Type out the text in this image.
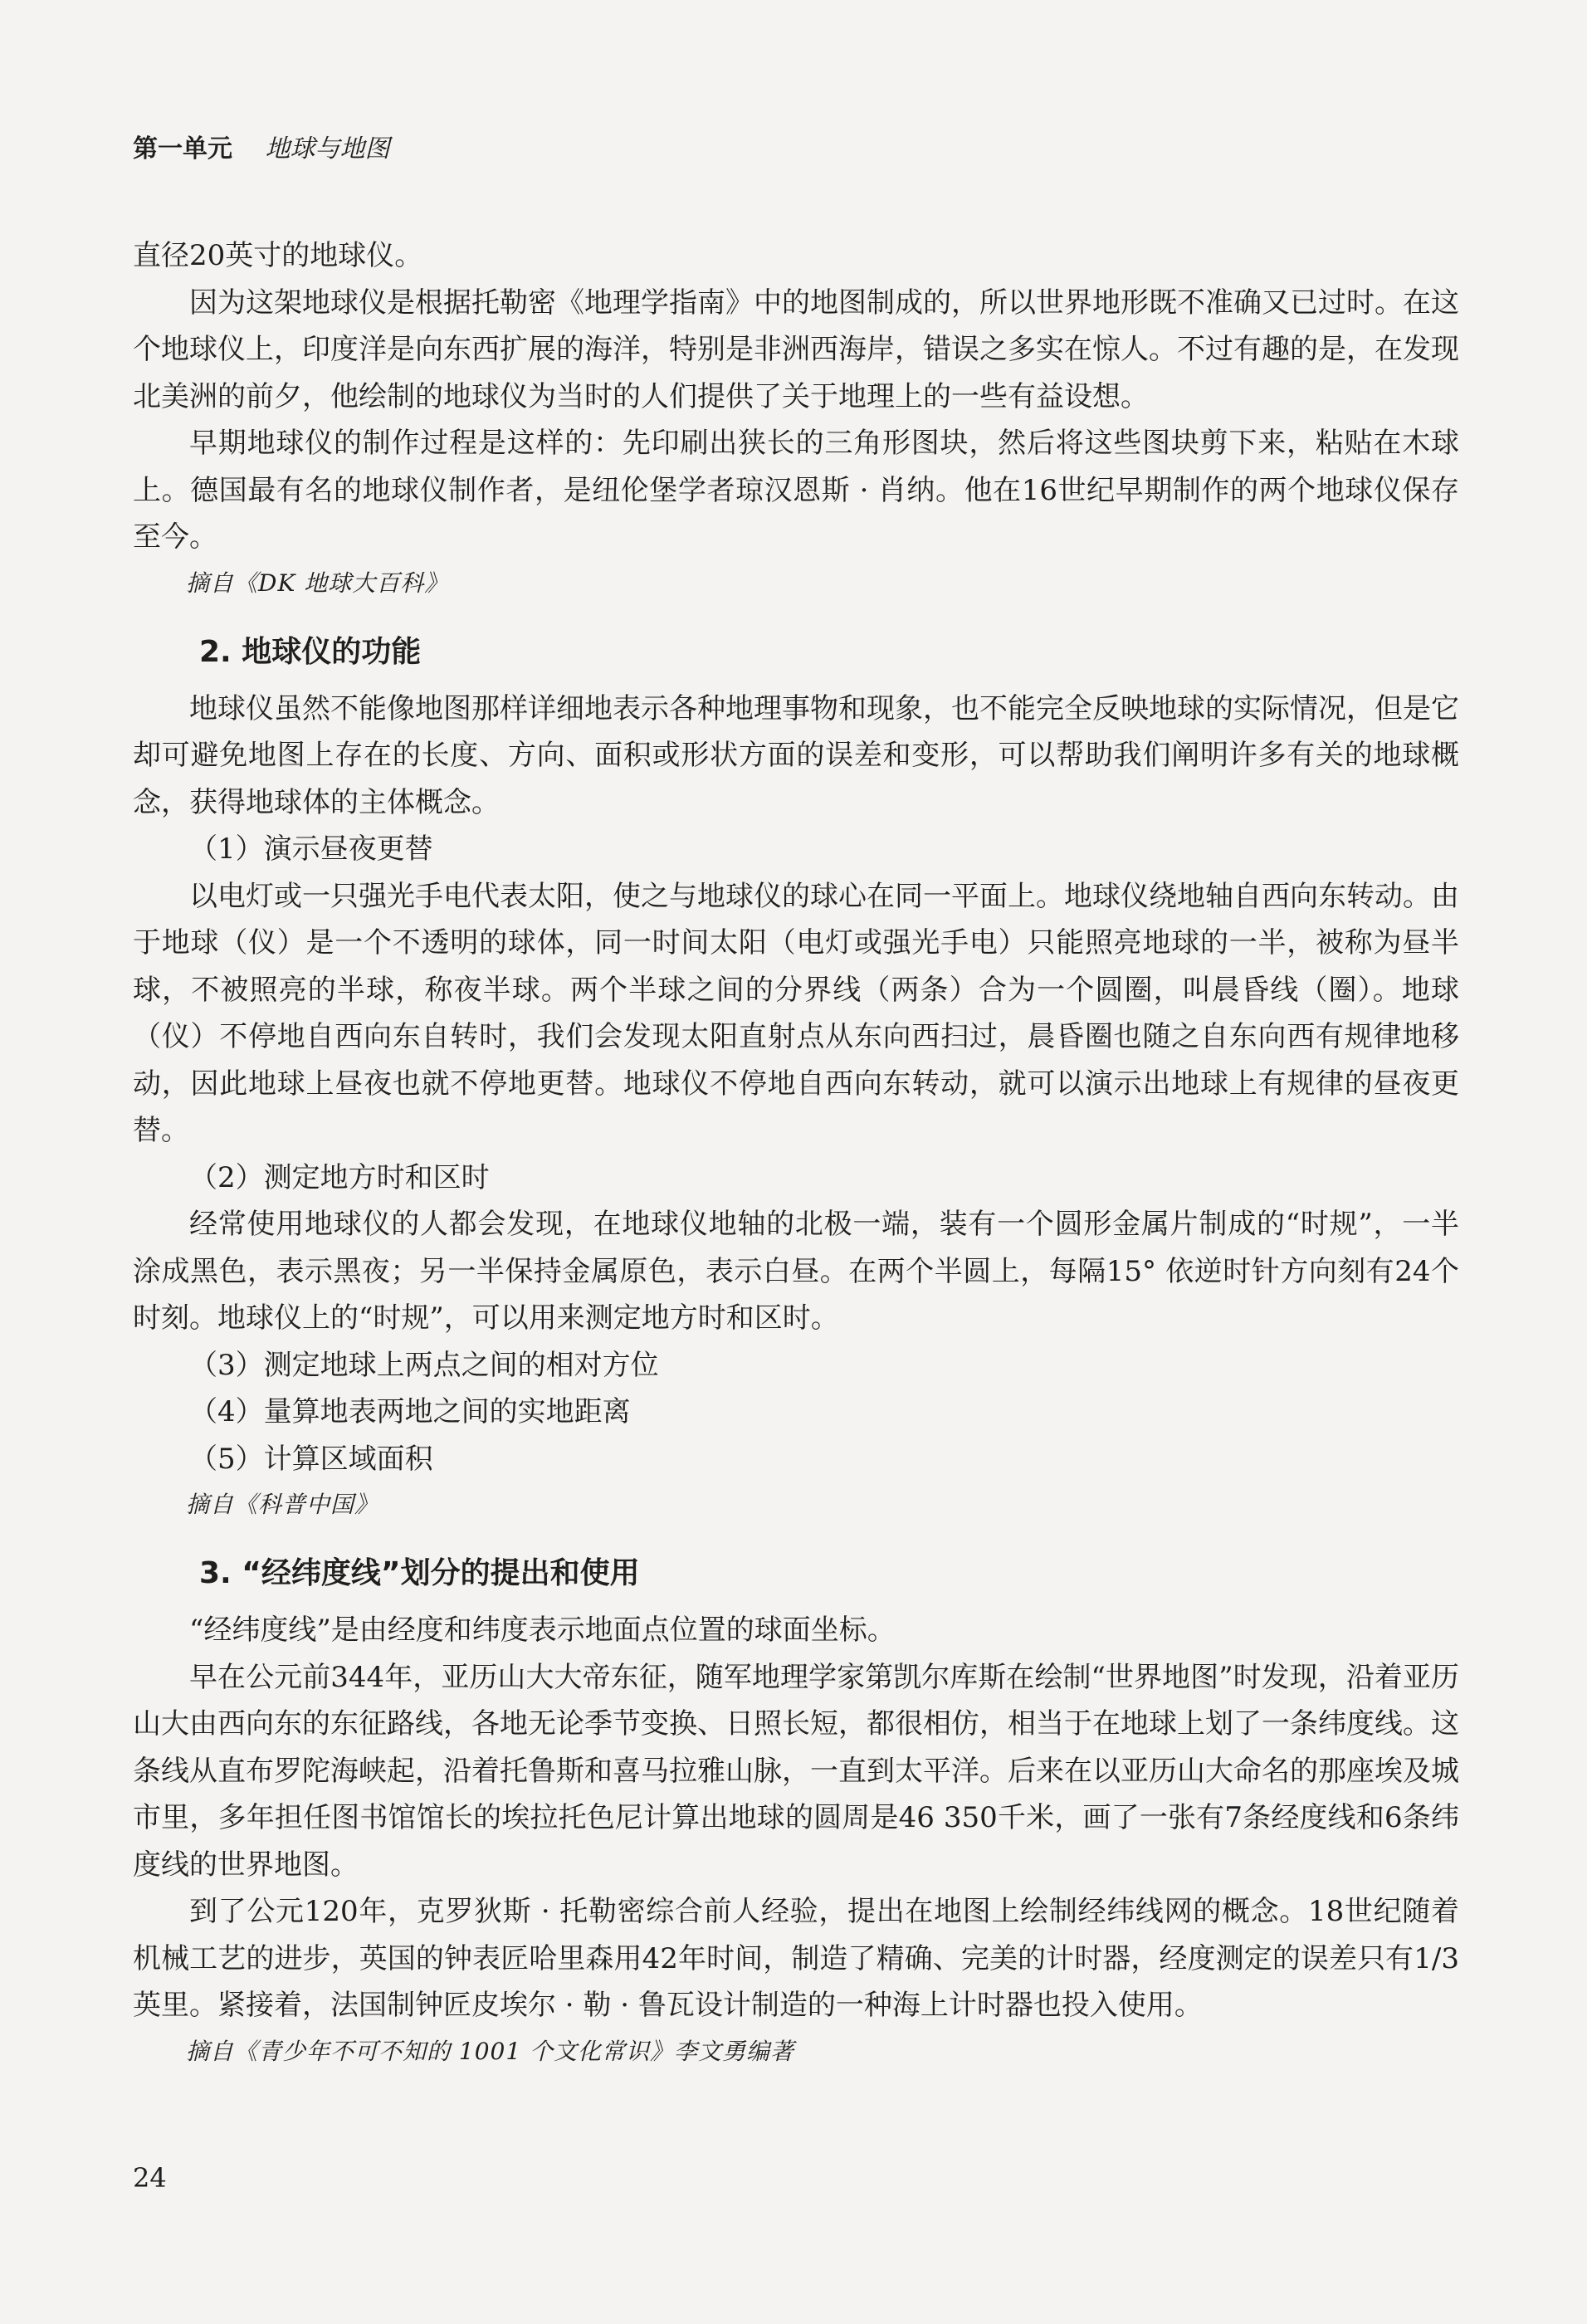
第一单元 地球与地图

直径20英寸的地球仪。

因为这架地球仪是根据托勒密《地理学指南》中的地图制成的，所以世界地形既不准确又已过时。在这个地球仪上，印度洋是向东西扩展的海洋，特别是非洲西海岸，错误之多实在惊人。不过有趣的是，在发现北美洲的前夕，他绘制的地球仪为当时的人们提供了关于地理上的一些有益设想。

早期地球仪的制作过程是这样的：先印刷出狭长的三角形图块，然后将这些图块剪下来，粘贴在木球上。德国最有名的地球仪制作者，是纽伦堡学者琼汉恩斯 · 肖纳。他在16世纪早期制作的两个地球仪保存至今。

摘自《DK 地球大百科》
2. 地球仪的功能

地球仪虽然不能像地图那样详细地表示各种地理事物和现象，也不能完全反映地球的实际情况，但是它却可避免地图上存在的长度、方向、面积或形状方面的误差和变形，可以帮助我们阐明许多有关的地球概念，获得地球体的主体概念。

（1）演示昼夜更替

以电灯或一只强光手电代表太阳，使之与地球仪的球心在同一平面上。地球仪绕地轴自西向东转动。由于地球（仪）是一个不透明的球体，同一时间太阳（电灯或强光手电）只能照亮地球的一半，被称为昼半球，不被照亮的半球，称夜半球。两个半球之间的分界线（两条）合为一个圆圈，叫晨昏线（圈）。地球（仪）不停地自西向东自转时，我们会发现太阳直射点从东向西扫过，晨昏圈也随之自东向西有规律地移动，因此地球上昼夜也就不停地更替。地球仪不停地自西向东转动，就可以演示出地球上有规律的昼夜更替。

（2）测定地方时和区时

经常使用地球仪的人都会发现，在地球仪地轴的北极一端，装有一个圆形金属片制成的“时规”，一半涂成黑色，表示黑夜；另一半保持金属原色，表示白昼。在两个半圆上，每隔15° 依逆时针方向刻有24个时刻。地球仪上的“时规”，可以用来测定地方时和区时。

（3）测定地球上两点之间的相对方位

（4）量算地表两地之间的实地距离

（5）计算区域面积

摘自《科普中国》
3. “经纬度线”划分的提出和使用

“经纬度线”是由经度和纬度表示地面点位置的球面坐标。

早在公元前344年，亚历山大大帝东征，随军地理学家第凯尔库斯在绘制“世界地图”时发现，沿着亚历山大由西向东的东征路线，各地无论季节变换、日照长短，都很相仿，相当于在地球上划了一条纬度线。这条线从直布罗陀海峡起，沿着托鲁斯和喜马拉雅山脉，一直到太平洋。后来在以亚历山大命名的那座埃及城市里，多年担任图书馆馆长的埃拉托色尼计算出地球的圆周是46 350千米，画了一张有7条经度线和6条纬度线的世界地图。

到了公元120年，克罗狄斯 · 托勒密综合前人经验，提出在地图上绘制经纬线网的概念。18世纪随着机械工艺的进步，英国的钟表匠哈里森用42年时间，制造了精确、完美的计时器，经度测定的误差只有1/3英里。紧接着，法国制钟匠皮埃尔 · 勒 · 鲁瓦设计制造的一种海上计时器也投入使用。

摘自《青少年不可不知的 1001 个文化常识》李文勇编著
24
